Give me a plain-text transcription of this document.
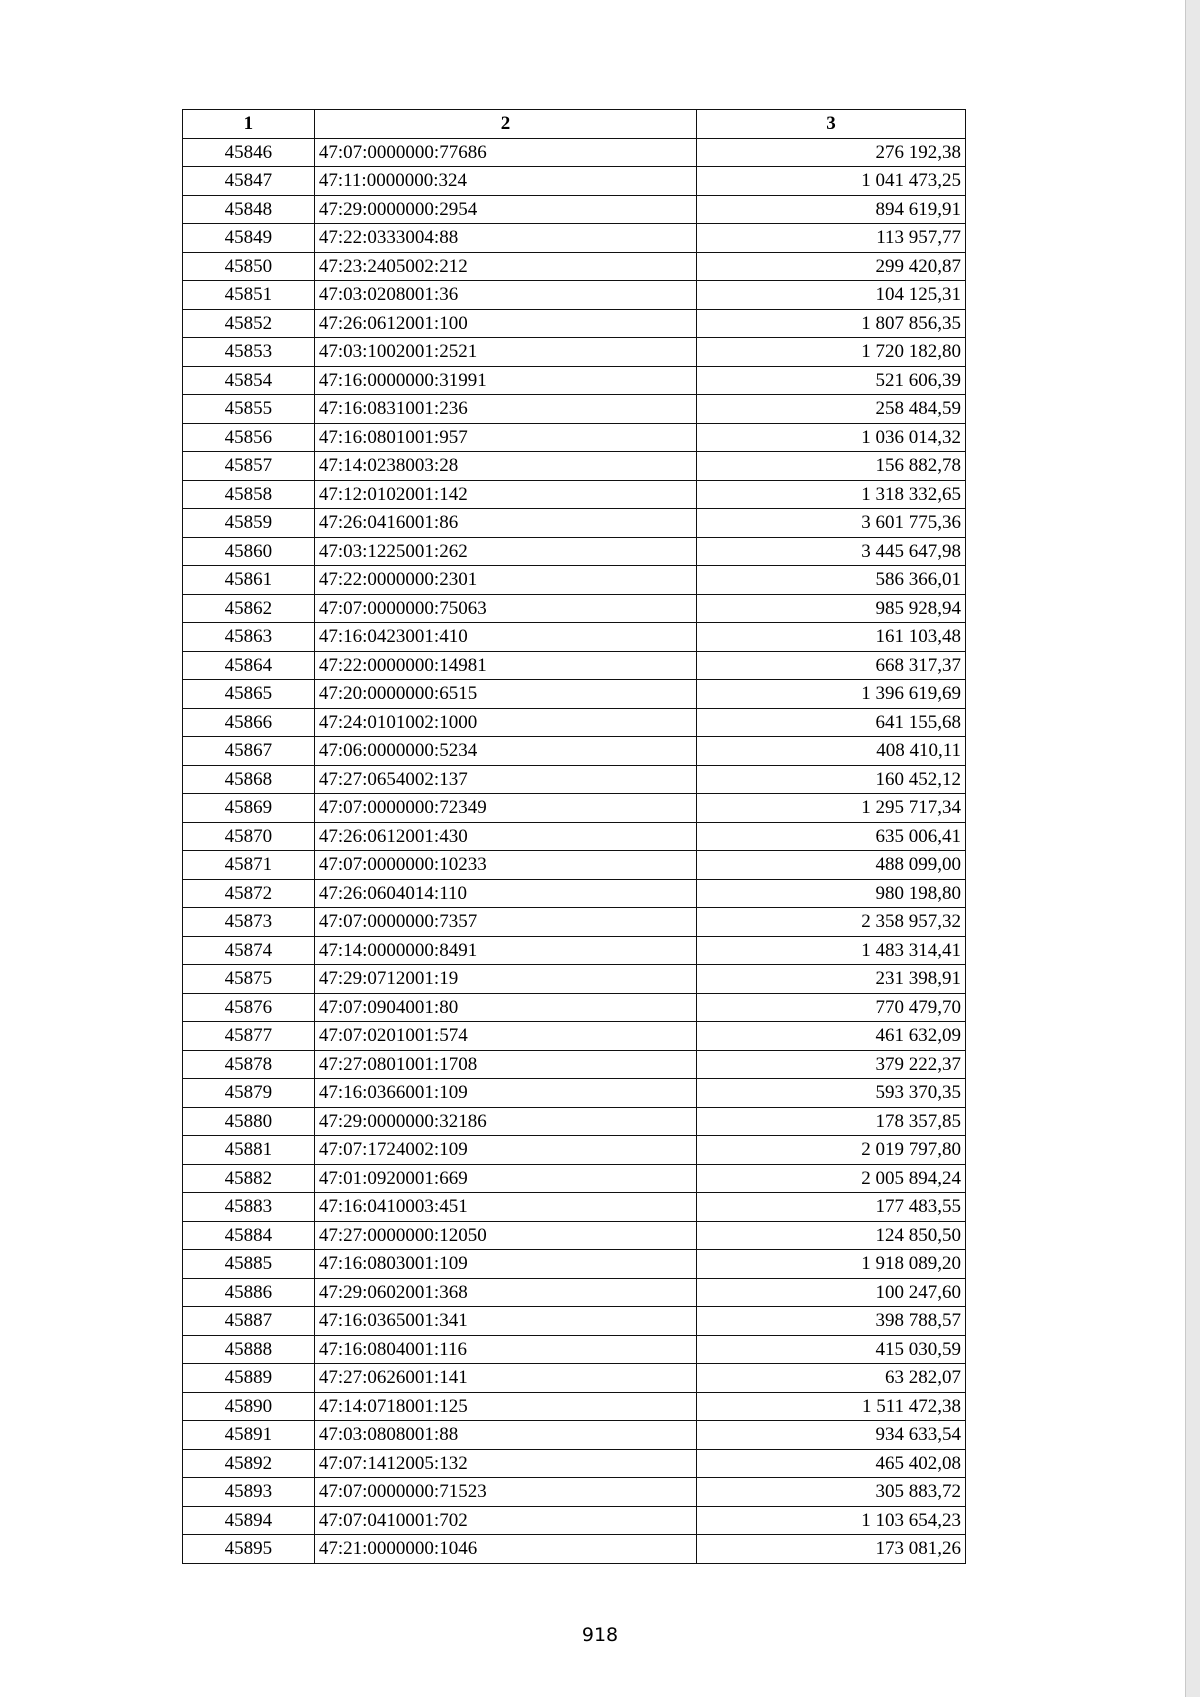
1	2	3
45846	47:07:0000000:77686	276 192,38
45847	47:11:0000000:324	1 041 473,25
45848	47:29:0000000:2954	894 619,91
45849	47:22:0333004:88	113 957,77
45850	47:23:2405002:212	299 420,87
45851	47:03:0208001:36	104 125,31
45852	47:26:0612001:100	1 807 856,35
45853	47:03:1002001:2521	1 720 182,80
45854	47:16:0000000:31991	521 606,39
45855	47:16:0831001:236	258 484,59
45856	47:16:0801001:957	1 036 014,32
45857	47:14:0238003:28	156 882,78
45858	47:12:0102001:142	1 318 332,65
45859	47:26:0416001:86	3 601 775,36
45860	47:03:1225001:262	3 445 647,98
45861	47:22:0000000:2301	586 366,01
45862	47:07:0000000:75063	985 928,94
45863	47:16:0423001:410	161 103,48
45864	47:22:0000000:14981	668 317,37
45865	47:20:0000000:6515	1 396 619,69
45866	47:24:0101002:1000	641 155,68
45867	47:06:0000000:5234	408 410,11
45868	47:27:0654002:137	160 452,12
45869	47:07:0000000:72349	1 295 717,34
45870	47:26:0612001:430	635 006,41
45871	47:07:0000000:10233	488 099,00
45872	47:26:0604014:110	980 198,80
45873	47:07:0000000:7357	2 358 957,32
45874	47:14:0000000:8491	1 483 314,41
45875	47:29:0712001:19	231 398,91
45876	47:07:0904001:80	770 479,70
45877	47:07:0201001:574	461 632,09
45878	47:27:0801001:1708	379 222,37
45879	47:16:0366001:109	593 370,35
45880	47:29:0000000:32186	178 357,85
45881	47:07:1724002:109	2 019 797,80
45882	47:01:0920001:669	2 005 894,24
45883	47:16:0410003:451	177 483,55
45884	47:27:0000000:12050	124 850,50
45885	47:16:0803001:109	1 918 089,20
45886	47:29:0602001:368	100 247,60
45887	47:16:0365001:341	398 788,57
45888	47:16:0804001:116	415 030,59
45889	47:27:0626001:141	63 282,07
45890	47:14:0718001:125	1 511 472,38
45891	47:03:0808001:88	934 633,54
45892	47:07:1412005:132	465 402,08
45893	47:07:0000000:71523	305 883,72
45894	47:07:0410001:702	1 103 654,23
45895	47:21:0000000:1046	173 081,26
918
